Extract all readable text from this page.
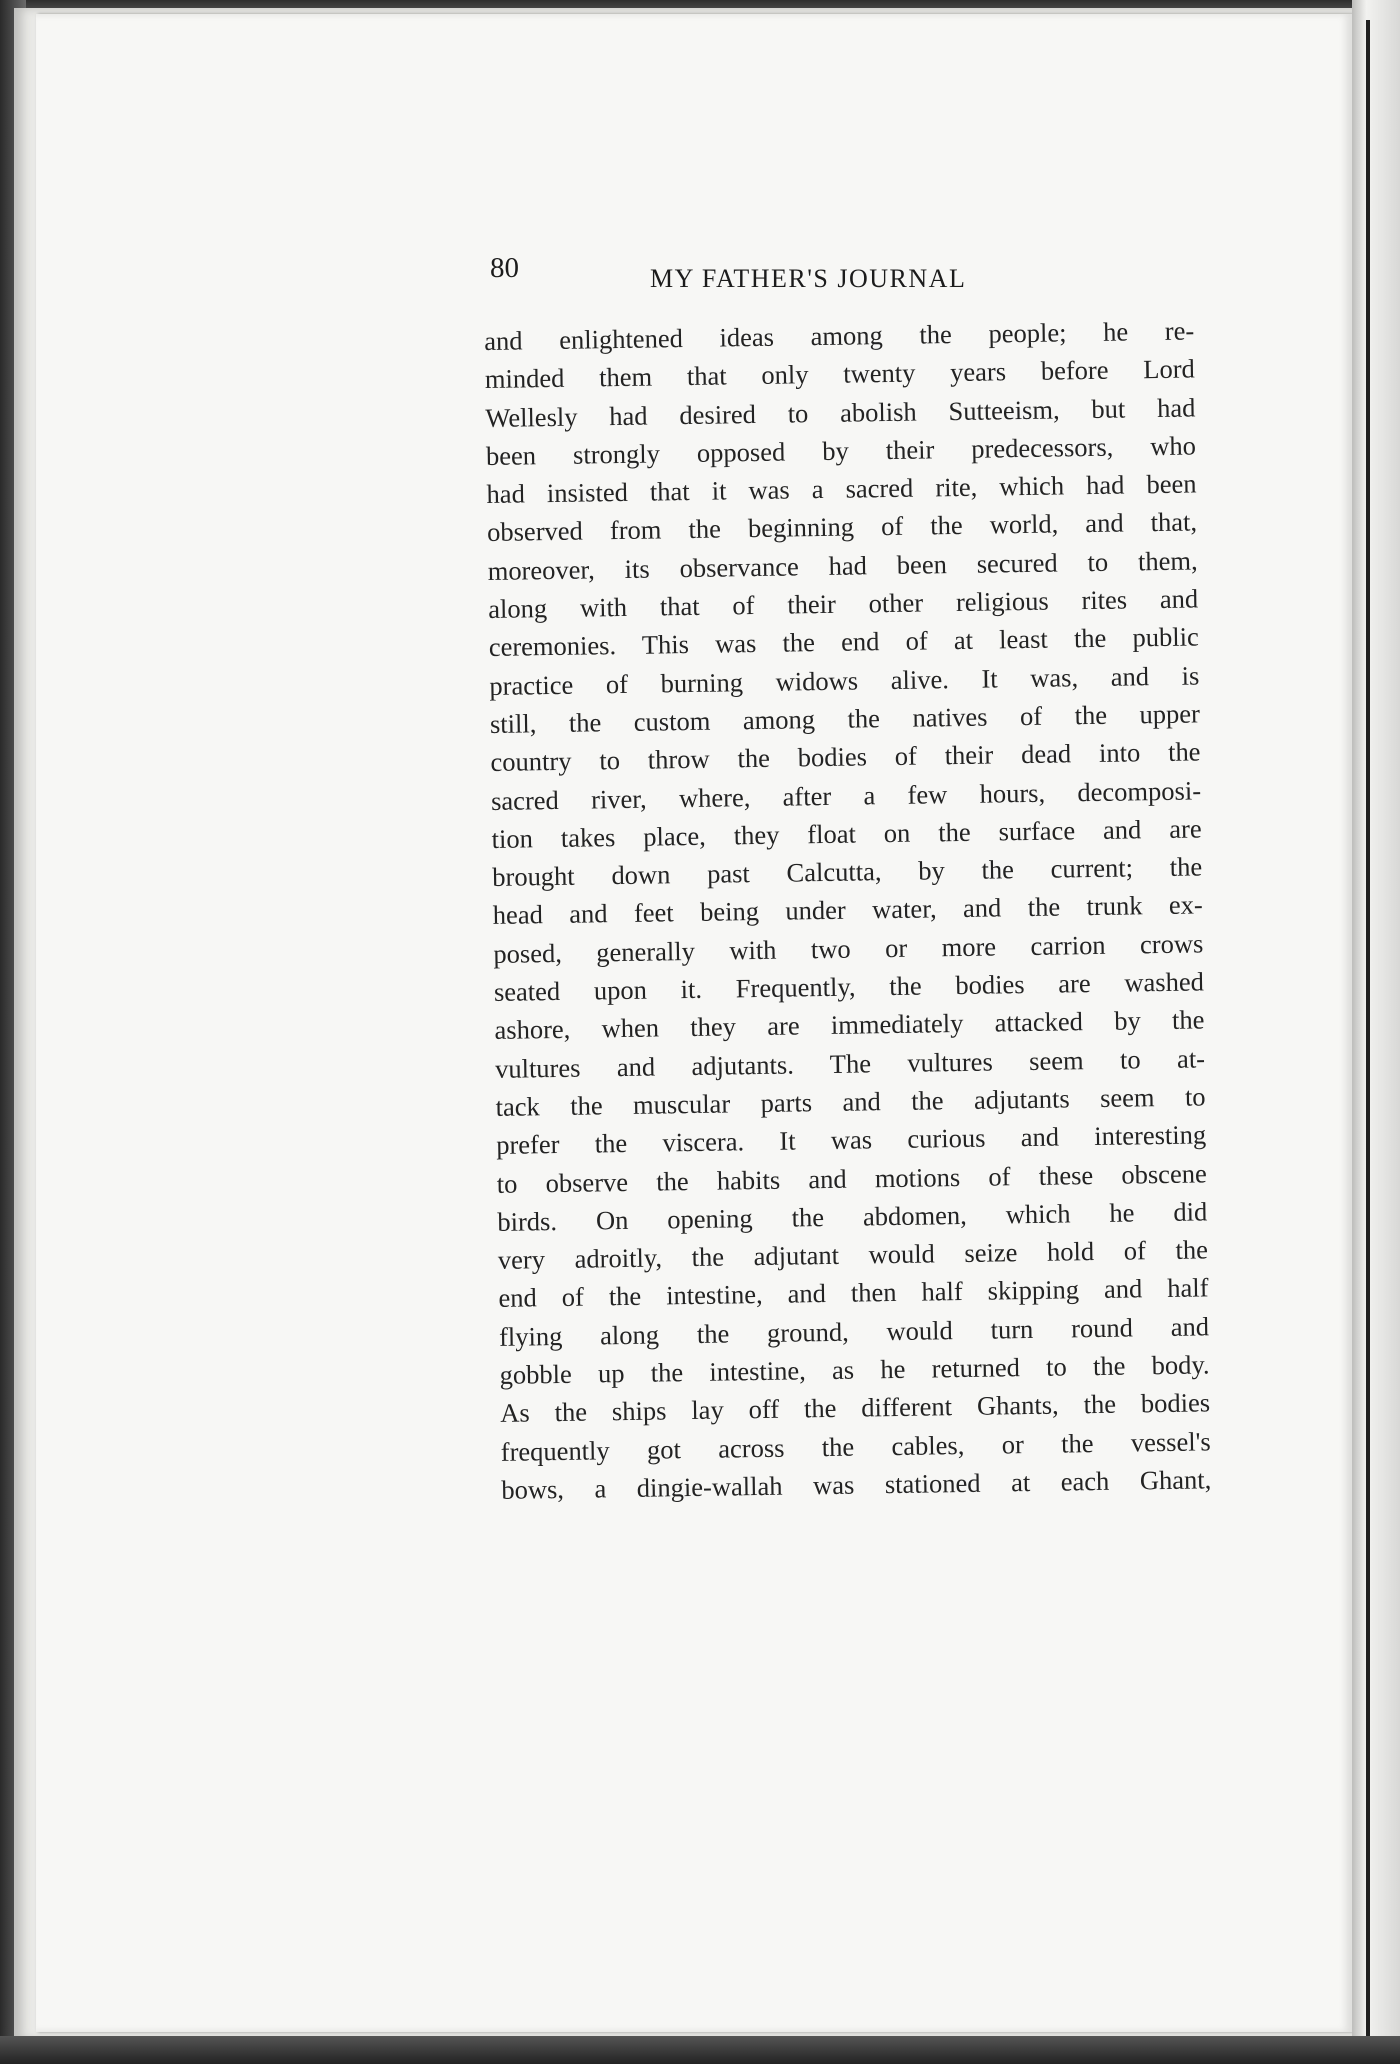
80	MY FATHER'S JOURNAL
and enlightened ideas among the people; he re-
minded them that only twenty years before Lord
Wellesly had desired to abolish Sutteeism, but had
been strongly opposed by their predecessors, who
had insisted that it was a sacred rite, which had been
observed from the beginning of the world, and that,
moreover, its observance had been secured to them,
along with that of their other religious rites and
ceremonies. This was the end of at least the public
practice of burning widows alive. It was, and is
still, the custom among the natives of the upper
country to throw the bodies of their dead into the
sacred river, where, after a few hours, decomposi-
tion takes place, they float on the surface and are
brought down past Calcutta, by the current; the
head and feet being under water, and the trunk ex-
posed, generally with two or more carrion crows
seated upon it. Frequently, the bodies are washed
ashore, when they are immediately attacked by the
vultures and adjutants. The vultures seem to at-
tack the muscular parts and the adjutants seem to
prefer the viscera. It was curious and interesting
to observe the habits and motions of these obscene
birds. On opening the abdomen, which he did
very adroitly, the adjutant would seize hold of the
end of the intestine, and then half skipping and half
flying along the ground, would turn round and
gobble up the intestine, as he returned to the body.
As the ships lay off the different Ghants, the bodies
frequently got across the cables, or the vessel's
bows, a dingie-wallah was stationed at each Ghant,
